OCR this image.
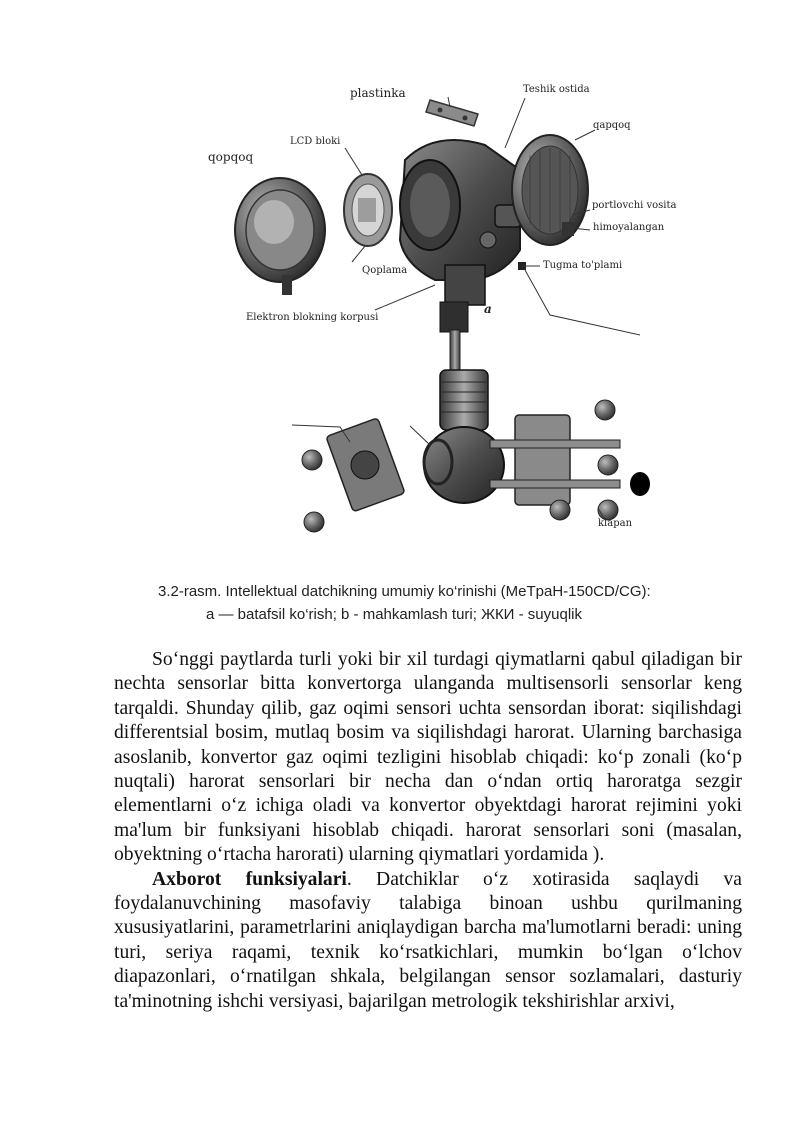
plastinka	Teshik ostida
LCD bloki
qopqoq
qapqoq
portlovchi vosita
himoyalangan
Qoplama	Tugma to'plami
Elektron blokning korpusi
a
klapan
3.2-rasm. Intellektual datchikning umumiy ko‘rinishi (MeTpaH-150CD/CG):
a — batafsil ko‘rish; b - mahkamlash turi; ЖКИ - suyuqlik

So‘nggi paytlarda turli yoki bir xil turdagi qiymatlarni qabul qiladigan bir nechta sensorlar bitta konvertorga ulanganda multisensorli sensorlar keng tarqaldi. Shunday qilib, gaz oqimi sensori uchta sensordan iborat: siqilishdagi differentsial bosim, mutlaq bosim va siqilishdagi harorat. Ularning barchasiga asoslanib, konvertor gaz oqimi tezligini hisoblab chiqadi: ko‘p zonali (ko‘p nuqtali) harorat sensorlari bir necha dan o‘ndan ortiq haroratga sezgir elementlarni o‘z ichiga oladi va konvertor obyektdagi harorat rejimini yoki ma'lum bir funksiyani hisoblab chiqadi. harorat sensorlari soni (masalan, obyektning o‘rtacha harorati) ularning qiymatlari yordamida ).

Axborot funksiyalari. Datchiklar o‘z xotirasida saqlaydi va foydalanuvchining masofaviy talabiga binoan ushbu qurilmaning xususiyatlarini, parametrlarini aniqlaydigan barcha ma'lumotlarni beradi: uning turi, seriya raqami, texnik ko‘rsatkichlari, mumkin bo‘lgan o‘lchov diapazonlari, o‘rnatilgan shkala, belgilangan sensor sozlamalari, dasturiy ta'minotning ishchi versiyasi, bajarilgan metrologik tekshirishlar arxivi,
